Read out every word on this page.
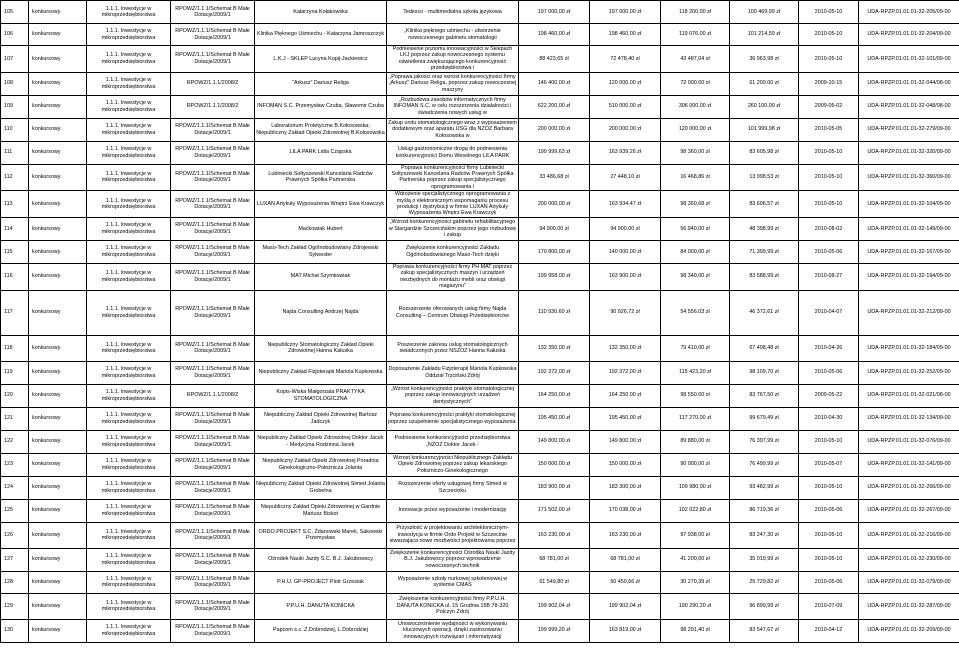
105	konkursowy	1.1.1. Inwestycje w mikroprzedsiębiorstwa	RPOWZ/1.1.1/Schemat B Małe Dotacje/2009/1	Katarzyna Kołakowska	Tedesco - multimedialna szkoła językowa	197 000,00 zł	197 000,00 zł	118 200,00 zł	100 469,99 zł	2010-05-10	UDA-RPZP.01.01.01-32-205/09-00
106	konkursowy	1.1.1. Inwestycje w mikroprzedsiębiorstwa	RPOWZ/1.1.1/Schemat B Małe Dotacje/2009/1	Klinika Pięknego Uśmiechu - Katarzyna Jamroszczyk	„Klinika pięknego uśmiechu - utworzenie nowoczesnego gabinetu stomatologii	198 460,00 zł	198 460,00 zł	119 076,00 zł	101 214,59 zł	2010-05-10	UDA-RPZP.01.01.01-32-204/09-00
107	konkursowy	1.1.1. Inwestycje w mikroprzedsiębiorstwa	RPOWZ/1.1.1/Schemat B Małe Dotacje/2009/1	L.K.J - SKLEP Lucyna Kopij-Jackiewicz	Podniesienie poziomu innowacyjności w Sklepach LKJ poprzez zakup nowoczesnego systemu oświetlenia zwiększającego konkurencyjność przedsiębiorstwa i	88 423,65 zł	72 478,40 zł	43 487,04 zł	36 963,98 zł	2010-05-10	UDA-RPZP.01.01.01-32-101/09-00
108	konkursowy	1.1.1. Inwestycje w mikroprzedsiębiorstwa	RPOWZ/1.1.1/2008/2	"Arkusz" Dariusz Religa	„Poprawa jakości oraz wzrost konkurencyjności firmy „Arkusz" Dariusz Religa, poprzez zakup nowoczesnej maszyny	146 400,00 zł	120 000,00 zł	72 000,00 zł	61 200,00 zł	2009-10-15	UDA-RPZP.01.01.01-32-044/08-00
109	konkursowy	1.1.1. Inwestycje w mikroprzedsiębiorstwa	RPOWZ/1.1.1/2008/2	INFOMAN S.C. Przemysław Czuba, Sławomir Czuba	„Rozbudowa zasobów informatycznych firmy INFOMAN S.C. w celu rozszerzenia działalności i świadczenia nowych usług w	622 200,00 zł	510 000,00 zł	306 000,00 zł	260 100,00 zł	2009-06-02	UDA-RPZP.01.01.01-32-048/08-00
110	konkursowy	1.1.1. Inwestycje w mikroprzedsiębiorstwa	RPOWZ/1.1.1/Schemat B Małe Dotacje/2009/1	Laboratorium Protetyczne B.Kołosowska; Niepubliczny Zakład Opieki Zdrowotnej B.Kołosowska	Zakup unitu stomatologicznego wraz z wyposażeniem dodatkowym oraz aparatu USG dla NZOZ Barbara Kołosowska w	200 000,00 zł	200 000,00 zł	120 000,00 zł	101 999,98 zł	2010-05-05	UDA-RPZP.01.01.01-32-279/09-00
111	konkursowy	1.1.1. Inwestycje w mikroprzedsiębiorstwa	RPOWZ/1.1.1/Schemat B Małe Dotacje/2009/1	LILA PARK Lidia Czapska	Usługi gastronomiczne drogą do podniesienia konkurencyjności Domu Weselnego LILA PARK	199 999,63 zł	163 939,26 zł	98 360,00 zł	83 605,98 zł	2010-05-10	UDA-RPZP.01.01.01-32-320/09-00
112	konkursowy	1.1.1. Inwestycje w mikroprzedsiębiorstwa	RPOWZ/1.1.1/Schemat B Małe Dotacje/2009/1	Lubiniecki Sołtyszewski Kancelaria Radców Prawnych Spółka Partnerska	Poprawa konkurencyjności firmy Lubiniecki Sołtyszewski Kancelaria Radców Prawnych Spółka Partnerska poprzez zakup specjalistycznego oprogramowania i	33 486,68 zł	27 448,10 zł	16 468,86 zł	13 998,53 zł	2010-05-10	UDA-RPZP.01.01.01-32-360/09-00
113	konkursowy	1.1.1. Inwestycje w mikroprzedsiębiorstwa	RPOWZ/1.1.1/Schemat B Małe Dotacje/2009/1	LUXAN Artykuły Wyposażenia Wnętrz Ewa Krawczyk	Wdrożenie specjalistycznego oprogramowania z myślą o elektronicznym wspomaganiu procesu produkcji i dystrybucji w firmie LUXAN Artykuły Wyposażenia Wnętrz Ewa Krawczyk	200 000,00 zł	163 934,47 zł	98 360,68 zł	83 606,57 zł	2010-05-10	UDA-RPZP.01.01.01-32-104/09-00
114	konkursowy	1.1.1. Inwestycje w mikroprzedsiębiorstwa	RPOWZ/1.1.1/Schemat B Małe Dotacje/2009/1	Maćkowiak Hubert	„Wzrost konkurencyjności gabinetu rehabilitacyjnego w Stargardzie Szczecińskim poprzez jego rozbudowę i zakup	94 900,00 zł	94 900,00 zł	56 940,00 zł	48 398,99 zł	2010-08-02	UDA-RPZP.01.01.01-32-149/09-00
115	konkursowy	1.1.1. Inwestycje w mikroprzedsiębiorstwa	RPOWZ/1.1.1/Schemat B Małe Dotacje/2009/1	Maso-Tech Zakład Ogólnobudowlany Zdrojewski Sylwester	Zwiększenie konkurencyjności Zakładu Ogólnobudowlanego Maso-Tech dzięki	170 800,00 zł	140 000,00 zł	84 000,00 zł	71 399,99 zł	2010-05-06	UDA-RPZP.01.01.01-32-167/09-00
116	konkursowy	1.1.1. Inwestycje w mikroprzedsiębiorstwa	RPOWZ/1.1.1/Schemat B Małe Dotacje/2009/1	MAT Michał Szymkowiak	Poprawa konkurencyjności firmy PH MAT poprzez zakup specjalistycznych maszyn i urządzeń niezbędnych do montażu mebli oraz obsługi magazynu"	199 958,00 zł	163 900,00 zł	98 340,00 zł	83 588,99 zł	2010-08-27	UDA-RPZP.01.01.01-32-194/09-00
117	konkursowy	1.1.1. Inwestycje w mikroprzedsiębiorstwa	RPOWZ/1.1.1/Schemat B Małe Dotacje/2009/1	Najda Consulting Andrzej Najda	Rozszerzenie oferowanych usług firmy Najda Consulting – Centrum Obsługi Przedsiębiorców	110 930,60 zł	90 926,72 zł	54 556,03 zł	46 372,61 zł	2010-04-07	UDA-RPZP.01.01.01-32-212/09-00
118	konkursowy	1.1.1. Inwestycje w mikroprzedsiębiorstwa	RPOWZ/1.1.1/Schemat B Małe Dotacje/2009/1	Niepubliczny Stomatologiczny Zakład Opieki Zdrowotnej Hanna Kałuska	Poszerzenie zakresu usług stomatologicznych świadczonych przez NSZOZ Hanna Kałuska	132 350,00 zł	132 350,00 zł	79 410,00 zł	67 498,48 zł	2010-04-26	UDA-RPZP.01.01.01-32-184/09-00
119	konkursowy	1.1.1. Inwestycje w mikroprzedsiębiorstwa	RPOWZ/1.1.1/Schemat B Małe Dotacje/2009/1	Niepubliczny Zakład Fizjoterapii Mariola Kupkowska	Doposażenie Zakładu Fizjoterapii Mariola Kupkowska Oddział Trzciński Zdrój	192 372,00 zł	192 372,00 zł	115 423,20 zł	98 109,70 zł	2010-05-06	UDA-RPZP.01.01.01-32-252/09-00
120	konkursowy	1.1.1. Inwestycje w mikroprzedsiębiorstwa	RPOWZ/1.1.1/2008/2	Kopis-Wiska Małgorzata PRAKTYKA STOMATOLOGICZNA	„Wzrost konkurencyjności praktyki stomatologicznej poprzez zakup innowacyjnych urządzeń dentystycznych"	164 250,00 zł	164 250,00 zł	98 550,00 zł	83 767,50 zł	2009-05-22	UDA-RPZP.01.01.01-32-021/08-00
121	konkursowy	1.1.1. Inwestycje w mikroprzedsiębiorstwa	RPOWZ/1.1.1/Schemat B Małe Dotacje/2009/1	Niepubliczny Zakład Opieki Zdrowotnej Bartosz Jadczyk	Poprawa konkurencyjności praktyki stomatologicznej poprzez uzupełnienie specjalistycznego wyposażenia.	195 450,00 zł	195 450,00 zł	117 270,00 zł	99 679,49 zł	2010-04-30	UDA-RPZP.01.01.01-32-134/09-00
122	konkursowy	1.1.1. Inwestycje w mikroprzedsiębiorstwa	RPOWZ/1.1.1/Schemat B Małe Dotacje/2009/1	Niepubliczny Zakład Opieki Zdrowotnej Doktor Jacek - Medycyna Rodzinna Jacek	Podniesienie konkurencyjności przedsiębiorstwa „NZOZ Doktor Jacek -	149 800,00 zł	149 800,00 zł	89 880,00 zł	76 397,99 zł	2010-05-10	UDA-RPZP.01.01.01-32-076/09-00
123	konkursowy	1.1.1. Inwestycje w mikroprzedsiębiorstwa	RPOWZ/1.1.1/Schemat B Małe Dotacje/2009/1	Niepubliczny Zakład Opieki Zdrowotnej Poradnia Ginekologiczno-Położnicza Jolanta	Wzrost konkurencyjności Niepublicznego Zakładu Opieki Zdrowotnej poprzez zakup lekarskiego Położniczo-Ginekologicznego	150 000,00 zł	150 000,00 zł	90 000,00 zł	76 499,99 zł	2010-05-07	UDA-RPZP.01.01.01-32-141/09-00
124	konkursowy	1.1.1. Inwestycje w mikroprzedsiębiorstwa	RPOWZ/1.1.1/Schemat B Małe Dotacje/2009/1	Niepubliczny Zakład Opieki Zdrowotnej Simed Jolanta Grobelna	Rozszerzenie oferty usługowej firmy Simed w Szczecinku	183 900,00 zł	183 300,00 zł	109 980,00 zł	93 482,99 zł	2010-05-10	UDA-RPZP.01.01.01-32-266/09-00
125	konkursowy	1.1.1. Inwestycje w mikroprzedsiębiorstwa	RPOWZ/1.1.1/Schemat B Małe Dotacje/2009/1	Niepubliczny Zakład Opieki Zdrowotnej w Gardnie Mariusz Biskot	Innowacje przez wyposażenie i modernizację	171 502,00 zł	170 038,00 zł	102 022,80 zł	86 719,36 zł	2010-05-06	UDA-RPZP.01.01.01-32-267/09-00
126	konkursowy	1.1.1. Inwestycje w mikroprzedsiębiorstwa	RPOWZ/1.1.1/Schemat B Małe Dotacje/2009/1	ORDO.PROJEKT S.C. Żdanowski Marek, Sakowski Przemysław	Przyszłość w projektowaniu architektonicznym-inwestycja w firmie Ordo Projekt w Szczecinie stwarzająca nowe możliwości projektowania poprzez	163 230,00 zł	163 230,00 zł	97 938,00 zł	83 247,30 zł	2010-05-10	UDA-RPZP.01.01.01-32-216/09-00
127	konkursowy	1.1.1. Inwestycje w mikroprzedsiębiorstwa	RPOWZ/1.1.1/Schemat B Małe Dotacje/2009/1	Ośrodek Nauki Jazdy S.C. B.J. Jakubowscy	Zwiększenie konkurencyjności Ośrodka Nauki Jazdy B.J. Jakubowscy poprzez wprowadzenie nowoczesnych technik	68 781,00 zł	68 781,00 zł	41 200,00 zł	35 019,99 zł	2010-05-10	UDA-RPZP.01.01.01-32-230/09-00
128	konkursowy	1.1.1. Inwestycje w mikroprzedsiębiorstwa	RPOWZ/1.1.1/Schemat B Małe Dotacje/2009/1	P.H.U. GP-PROJECT Piotr Grzesiak	Wyposażenie szkoły nurkowej szkoleniowej w systemie CMAS	61 549,80 zł	50 450,66 zł	30 270,39 zł	25 729,82 zł	2010-05-06	UDA-RPZP.01.01.01-32-079/09-00
129	konkursowy	1.1.1. Inwestycje w mikroprzedsiębiorstwa	RPOWZ/1.1.1/Schemat B Małe Dotacje/2009/1	P.P.U.H. DANUTA KONICKA	Zwiększenie konkurencyjności firmy P.P.U.H. DANUTA KONICKA ul. 15 Grudnia 15B 78-320 Połczyn Zdrój	199 902,04 zł	199 902,04 zł	190 290,20 zł	96 899,99 zł	2010-07-09	UDA-RPZP.01.01.01-32-287/09-00
130	konkursowy	1.1.1. Inwestycje w mikroprzedsiębiorstwa	RPOWZ/1.1.1/Schemat B Małe Dotacje/2009/1	Papcom s.c. Z.Dobrodziej, L.Dobrodziej	Unowocześnienie wydajności w wykonywaniu kluczowych operacji, dzięki zastosowaniu innowacyjnych rozwiązań i informatyzacji	199 999,20 zł	163 819,00 zł	98 291,40 zł	83 547,67 zł	2010-04-12	UDA-RPZP.01.01.01-32-209/09-00
